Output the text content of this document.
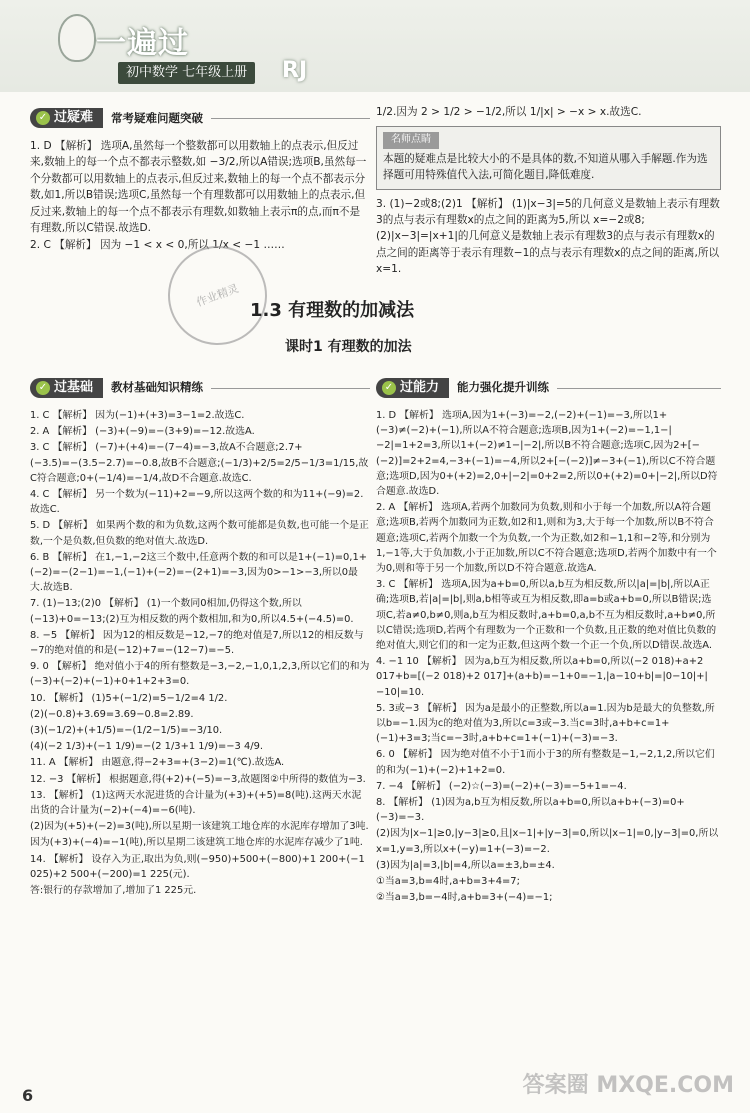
一遍过
初中数学 七年级上册	RJ
✓ 过疑难 常考疑难问题突破

1. D 【解析】 选项A,虽然每一个整数都可以用数轴上的点表示,但反过来,数轴上的每一个点不都表示整数,如 −3/2,所以A错误;选项B,虽然每一个分数都可以用数轴上的点表示,但反过来,数轴上的每一个点不都表示分数,如1,所以B错误;选项C,虽然每一个有理数都可以用数轴上的点表示,但反过来,数轴上的每一个点不都表示有理数,如数轴上表示π的点,而π不是有理数,所以C错误.故选D.

2. C 【解析】 因为 −1 < x < 0,所以 1/x < −1 ……

1/2.因为 2 > 1/2 > −1/2,所以 1/|x| > −x > x.故选C.

名师点睛

本题的疑难点是比较大小的不是具体的数,不知道从哪入手解题.作为选择题可用特殊值代入法,可简化题目,降低难度.

3. (1)−2或8;(2)1 【解析】 (1)|x−3|=5的几何意义是数轴上表示有理数3的点与表示有理数x的点之间的距离为5,所以 x=−2或8;(2)|x−3|=|x+1|的几何意义是数轴上表示有理数3的点与表示有理数x的点之间的距离等于表示有理数−1的点与表示有理数x的点之间的距离,所以x=1.

作业精灵
1.3 有理数的加减法
课时1 有理数的加法
✓ 过基础 教材基础知识精练

1. C 【解析】 因为(−1)+(+3)=3−1=2.故选C.

2. A 【解析】 (−3)+(−9)=−(3+9)=−12.故选A.

3. C 【解析】 (−7)+(+4)=−(7−4)=−3,故A不合题意;2.7+(−3.5)=−(3.5−2.7)=−0.8,故B不合题意;(−1/3)+2/5=2/5−1/3=1/15,故C符合题意;0+(−1/4)=−1/4,故D不合题意.故选C.

4. C 【解析】 另一个数为(−11)+2=−9,所以这两个数的和为11+(−9)=2.故选C.

5. D 【解析】 如果两个数的和为负数,这两个数可能都是负数,也可能一个是正数,一个是负数,但负数的绝对值大.故选D.

6. B 【解析】 在1,−1,−2这三个数中,任意两个数的和可以是1+(−1)=0,1+(−2)=−(2−1)=−1,(−1)+(−2)=−(2+1)=−3,因为0>−1>−3,所以0最大.故选B.

7. (1)−13;(2)0 【解析】 (1)一个数同0相加,仍得这个数,所以(−13)+0=−13;(2)互为相反数的两个数相加,和为0,所以4.5+(−4.5)=0.

8. −5 【解析】 因为12的相反数是−12,−7的绝对值是7,所以12的相反数与−7的绝对值的和是(−12)+7=−(12−7)=−5.

9. 0 【解析】 绝对值小于4的所有整数是−3,−2,−1,0,1,2,3,所以它们的和为(−3)+(−2)+(−1)+0+1+2+3=0.

10. 【解析】 (1)5+(−1/2)=5−1/2=4 1/2.

(2)(−0.8)+3.69=3.69−0.8=2.89.

(3)(−1/2)+(+1/5)=−(1/2−1/5)=−3/10.

(4)(−2 1/3)+(−1 1/9)=−(2 1/3+1 1/9)=−3 4/9.

11. A 【解析】 由题意,得−2+3=+(3−2)=1(℃).故选A.

12. −3 【解析】 根据题意,得(+2)+(−5)=−3,故题图②中所得的数值为−3.

13. 【解析】 (1)这两天水泥进货的合计量为(+3)+(+5)=8(吨).这两天水泥出货的合计量为(−2)+(−4)=−6(吨).

(2)因为(+5)+(−2)=3(吨),所以星期一该建筑工地仓库的水泥库存增加了3吨.

因为(+3)+(−4)=−1(吨),所以星期二该建筑工地仓库的水泥库存减少了1吨.

14. 【解析】 设存入为正,取出为负,则(−950)+500+(−800)+1 200+(−1 025)+2 500+(−200)=1 225(元).

答:银行的存款增加了,增加了1 225元.

✓ 过能力 能力强化提升训练

1. D 【解析】 选项A,因为1+(−3)=−2,(−2)+(−1)=−3,所以1+(−3)≠(−2)+(−1),所以A不符合题意;选项B,因为1+(−2)=−1,1−|−2|=1+2=3,所以1+(−2)≠1−|−2|,所以B不符合题意;选项C,因为2+[−(−2)]=2+2=4,−3+(−1)=−4,所以2+[−(−2)]≠−3+(−1),所以C不符合题意;选项D,因为0+(+2)=2,0+|−2|=0+2=2,所以0+(+2)=0+|−2|,所以D符合题意.故选D.

2. A 【解析】 选项A,若两个加数同为负数,则和小于每一个加数,所以A符合题意;选项B,若两个加数同为正数,如2和1,则和为3,大于每一个加数,所以B不符合题意;选项C,若两个加数一个为负数,一个为正数,如2和−1,1和−2等,和分别为1,−1等,大于负加数,小于正加数,所以C不符合题意;选项D,若两个加数中有一个为0,则和等于另一个加数,所以D不符合题意.故选A.

3. C 【解析】 选项A,因为a+b=0,所以a,b互为相反数,所以|a|=|b|,所以A正确;选项B,若|a|=|b|,则a,b相等或互为相反数,即a=b或a+b=0,所以B错误;选项C,若a≠0,b≠0,则a,b互为相反数时,a+b=0,a,b不互为相反数时,a+b≠0,所以C错误;选项D,若两个有理数为一个正数和一个负数,且正数的绝对值比负数的绝对值大,则它们的和一定为正数,但这两个数一个正一个负,所以D错误.故选A.

4. −1 10 【解析】 因为a,b互为相反数,所以a+b=0,所以(−2 018)+a+2 017+b=[(−2 018)+2 017]+(a+b)=−1+0=−1,|a−10+b|=|0−10|+|−10|=10.

5. 3或−3 【解析】 因为a是最小的正整数,所以a=1.因为b是最大的负整数,所以b=−1.因为c的绝对值为3,所以c=3或−3.当c=3时,a+b+c=1+(−1)+3=3;当c=−3时,a+b+c=1+(−1)+(−3)=−3.

6. 0 【解析】 因为绝对值不小于1而小于3的所有整数是−1,−2,1,2,所以它们的和为(−1)+(−2)+1+2=0.

7. −4 【解析】 (−2)☆(−3)=(−2)+(−3)=−5+1=−4.

8. 【解析】 (1)因为a,b互为相反数,所以a+b=0,所以a+b+(−3)=0+(−3)=−3.

(2)因为|x−1|≥0,|y−3|≥0,且|x−1|+|y−3|=0,所以|x−1|=0,|y−3|=0,所以x=1,y=3,所以x+(−y)=1+(−3)=−2.

(3)因为|a|=3,|b|=4,所以a=±3,b=±4.

①当a=3,b=4时,a+b=3+4=7;

②当a=3,b=−4时,a+b=3+(−4)=−1;

6	答案圈 MXQE.COM
